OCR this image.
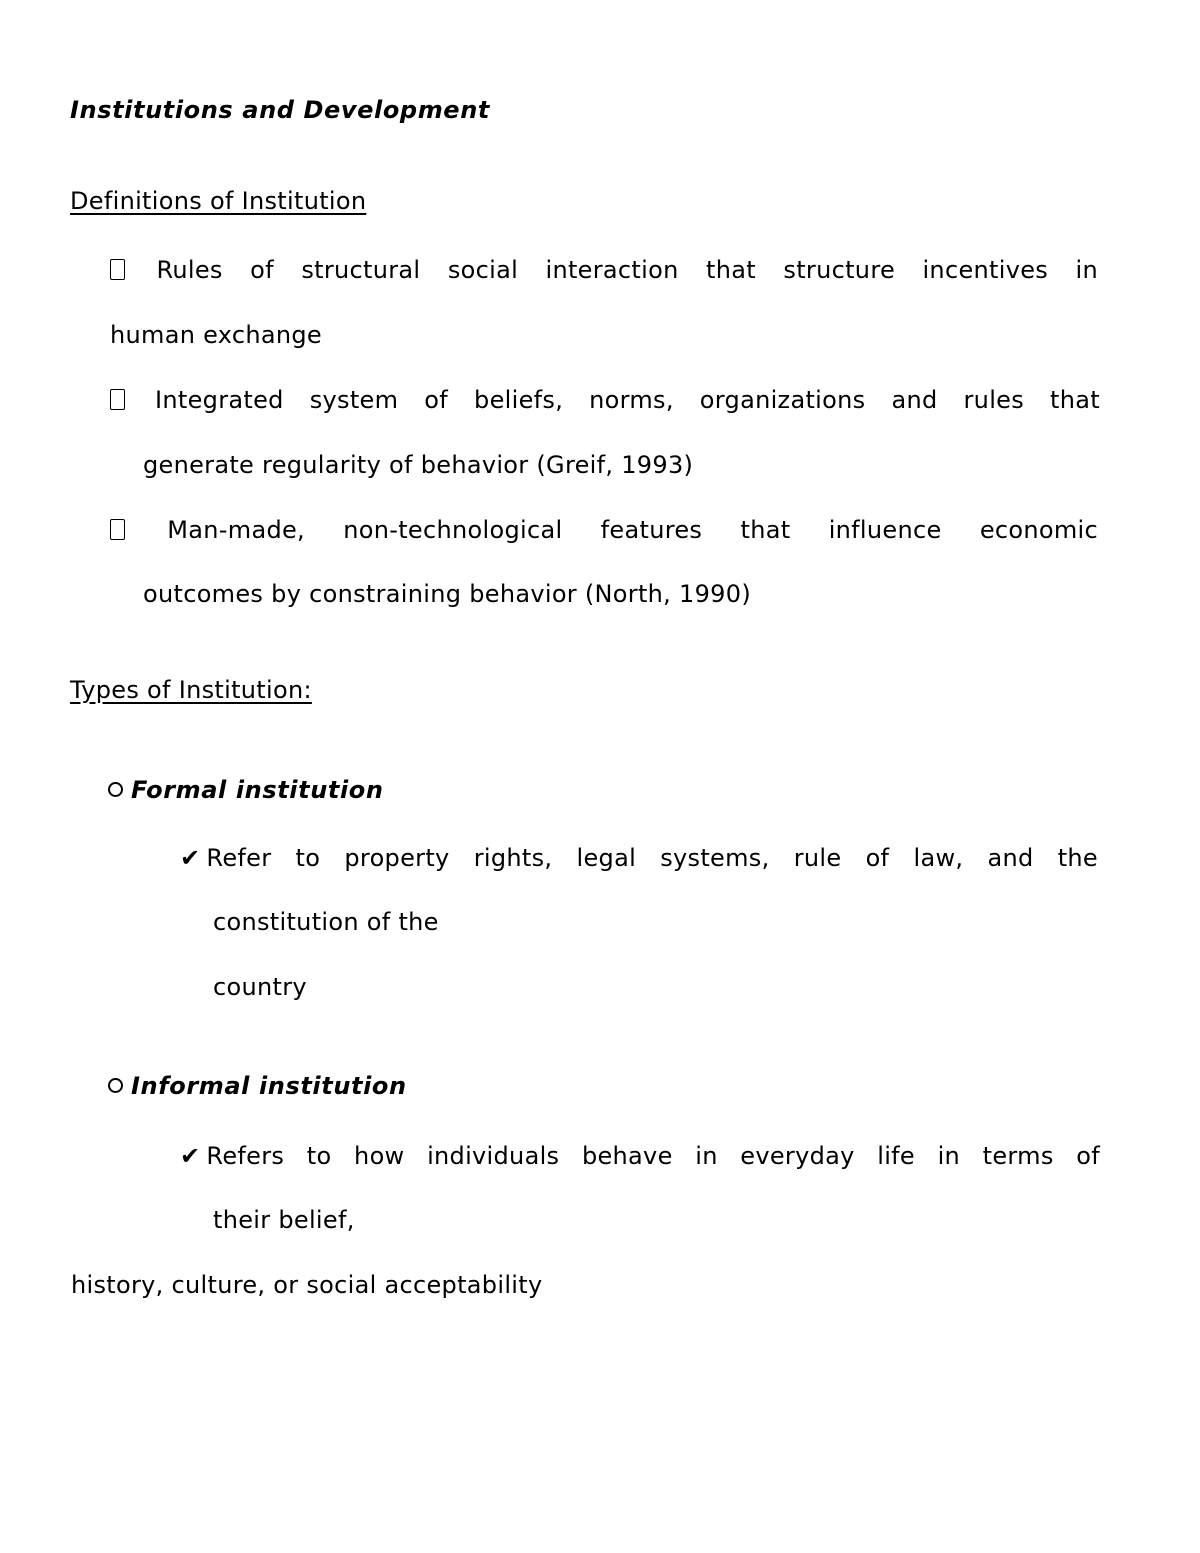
Institutions and Development
Definitions of Institution
Rules of structural social interaction that structure incentives in
human exchange
Integrated system of beliefs, norms, organizations and rules that
generate regularity of behavior (Greif, 1993)
Man-made, non-technological features that influence economic
outcomes by constraining behavior (North, 1990)
Types of Institution:
Formal institution
✔ Refer to property rights, legal systems, rule of law, and the
constitution of the
country
Informal institution
✔ Refers to how individuals behave in everyday life in terms of
their belief,
history, culture, or social acceptability
